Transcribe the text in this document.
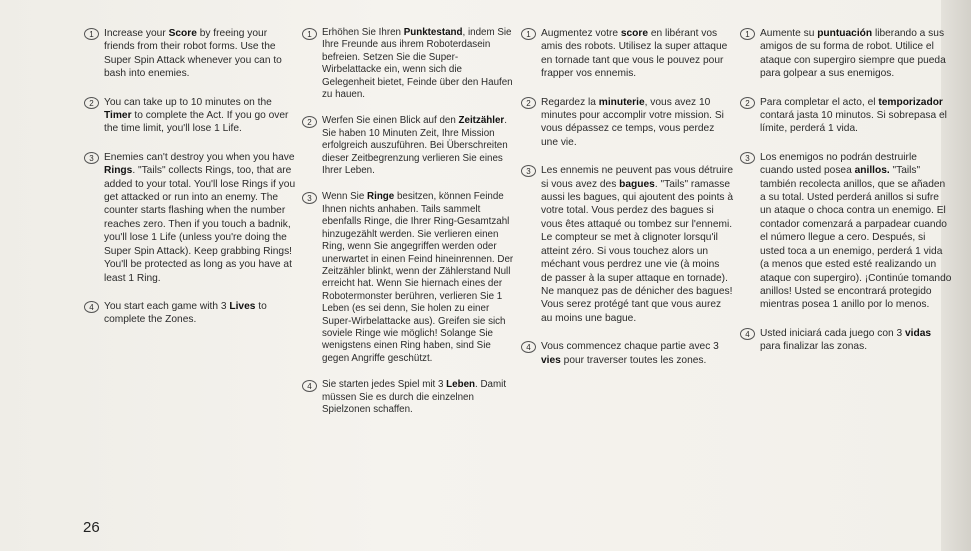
1	Increase your Score by freeing your friends from their robot forms. Use the Super Spin Attack whenever you can to bash into enemies.
2	You can take up to 10 minutes on the Timer to complete the Act. If you go over the time limit, you'll lose 1 Life.
3	Enemies can't destroy you when you have Rings. "Tails" collects Rings, too, that are added to your total. You'll lose Rings if you get attacked or run into an enemy. The counter starts flashing when the number reaches zero. Then if you touch a badnik, you'll lose 1 Life (unless you're doing the Super Spin Attack). Keep grabbing Rings! You'll be protected as long as you have at least 1 Ring.
4	You start each game with 3 Lives to complete the Zones.
1	Erhöhen Sie Ihren Punktestand, indem Sie Ihre Freunde aus ihrem Roboterdasein befreien. Setzen Sie die Super-Wirbelattacke ein, wenn sich die Gelegenheit bietet, Feinde über den Haufen zu hauen.
2	Werfen Sie einen Blick auf den Zeitzähler. Sie haben 10 Minuten Zeit, Ihre Mission erfolgreich auszuführen. Bei Überschreiten dieser Zeitbegrenzung verlieren Sie eines Ihrer Leben.
3	Wenn Sie Ringe besitzen, können Feinde Ihnen nichts anhaben. Tails sammelt ebenfalls Ringe, die Ihrer Ring-Gesamtzahl hinzugezählt werden. Sie verlieren einen Ring, wenn Sie angegriffen werden oder unerwartet in einen Feind hineinrennen. Der Zeitzähler blinkt, wenn der Zählerstand Null erreicht hat. Wenn Sie hiernach eines der Robotermonster berühren, verlieren Sie 1 Leben (es sei denn, Sie holen zu einer Super-Wirbelattacke aus). Greifen sie sich soviele Ringe wie möglich! Solange Sie wenigstens einen Ring haben, sind Sie gegen Angriffe geschützt.
4	Sie starten jedes Spiel mit 3 Leben. Damit müssen Sie es durch die einzelnen Spielzonen schaffen.
1	Augmentez votre score en libérant vos amis des robots. Utilisez la super attaque en tornade tant que vous le pouvez pour frapper vos ennemis.
2	Regardez la minuterie, vous avez 10 minutes pour accomplir votre mission. Si vous dépassez ce temps, vous perdez une vie.
3	Les ennemis ne peuvent pas vous détruire si vous avez des bagues. "Tails" ramasse aussi les bagues, qui ajoutent des points à votre total. Vous perdez des bagues si vous êtes attaqué ou tombez sur l'ennemi. Le compteur se met à clignoter lorsqu'il atteint zéro. Si vous touchez alors un méchant vous perdrez une vie (à moins de passer à la super attaque en tornade). Ne manquez pas de dénicher des bagues! Vous serez protégé tant que vous aurez au moins une bague.
4	Vous commencez chaque partie avec 3 vies pour traverser toutes les zones.
1	Aumente su puntuación liberando a sus amigos de su forma de robot. Utilice el ataque con supergiro siempre que pueda para golpear a sus enemigos.
2	Para completar el acto, el temporizador contará jasta 10 minutos. Si sobrepasa el límite, perderá 1 vida.
3	Los enemigos no podrán destruirle cuando usted posea anillos. "Tails" también recolecta anillos, que se añaden a su total. Usted perderá anillos si sufre un ataque o choca contra un enemigo. El contador comenzará a parpadear cuando el número llegue a cero. Después, si usted toca a un enemigo, perderá 1 vida (a menos que ested esté realizando un ataque con supergiro). ¡Continúe tomando anillos! Usted se encontrará protegido mientras posea 1 anillo por lo menos.
4	Usted iniciará cada juego con 3 vidas para finalizar las zonas.
26
